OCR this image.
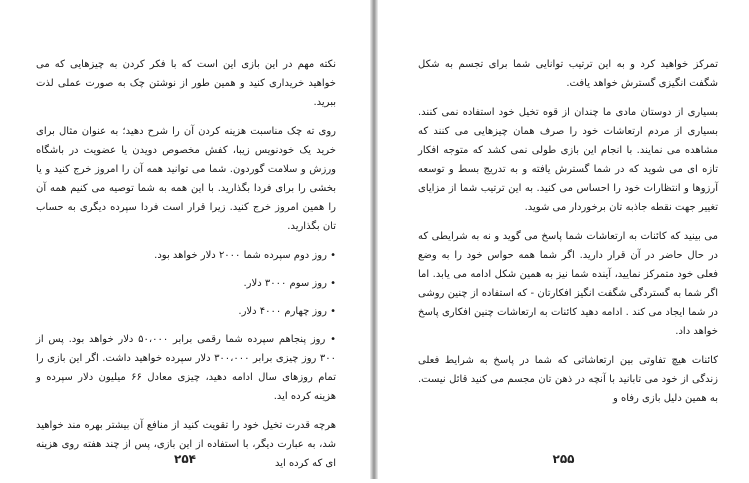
نکته مهم در این بازی این است که با فکر کردن به چیزهایی که می خواهید خریداری کنید و همین طور از نوشتن چک به صورت عملی لذت ببرید.

روی ته چک مناسبت هزینه کردن آن را شرح دهید؛ به عنوان مثال برای خرید یک خودنویس زیبا، کفش مخصوص دویدن یا عضویت در باشگاه ورزش و سلامت گوردون. شما می توانید همه آن را امروز خرج کنید و یا بخشی را برای فردا بگذارید. با این همه به شما توصیه می کنیم همه آن را همین امروز خرج کنید. زیرا قرار است فردا سپرده دیگری به حساب تان بگذارید.

• روز دوم سپرده شما ۲۰۰۰ دلار خواهد بود.

• روز سوم ۳۰۰۰ دلار.

• روز چهارم ۴۰۰۰ دلار.

• روز پنجاهم سپرده شما رقمی برابر ۵۰،۰۰۰ دلار خواهد بود. پس از ۳۰۰ روز چیزی برابر ۳۰۰،۰۰۰ دلار سپرده خواهید داشت. اگر این بازی را تمام روزهای سال ادامه دهید، چیزی معادل ۶۶ میلیون دلار سپرده و هزینه کرده اید.

هرچه قدرت تخیل خود را تقویت کنید از منافع آن بیشتر بهره مند خواهید شد، به عبارت دیگر، با استفاده از این بازی، پس از چند هفته روی هزینه ای که کرده اید

۲۵۴

تمرکز خواهید کرد و به این ترتیب توانایی شما برای تجسم به شکل شگفت انگیزی گسترش خواهد یافت.

بسیاری از دوستان مادی ما چندان از قوه تخیل خود استفاده نمی کنند. بسیاری از مردم ارتعاشات خود را صرف همان چیزهایی می کنند که مشاهده می نمایند. با انجام این بازی طولی نمی کشد که متوجه افکار تازه ای می شوید که در شما گسترش یافته و به تدریج بسط و توسعه آرزوها و انتظارات خود را احساس می کنید. به این ترتیب شما از مزایای تغییر جهت نقطه جاذبه تان برخوردار می شوید.

می بینید که کائنات به ارتعاشات شما پاسخ می گوید و نه به شرایطی که در حال حاضر در آن قرار دارید. اگر شما همه حواس خود را به وضع فعلی خود متمرکز نمایید، آینده شما نیز به همین شکل ادامه می یابد. اما اگر شما به گستردگی شگفت انگیز افکارتان - که استفاده از چنین روشی در شما ایجاد می کند . ادامه دهید کائنات به ارتعاشات چنین افکاری پاسخ خواهد داد.

کائنات هیچ تفاوتی بین ارتعاشاتی که شما در پاسخ به شرایط فعلی زندگی از خود می تابانید با آنچه در ذهن تان مجسم می کنید قائل نیست. به همین دلیل بازی رفاه و

۲۵۵
